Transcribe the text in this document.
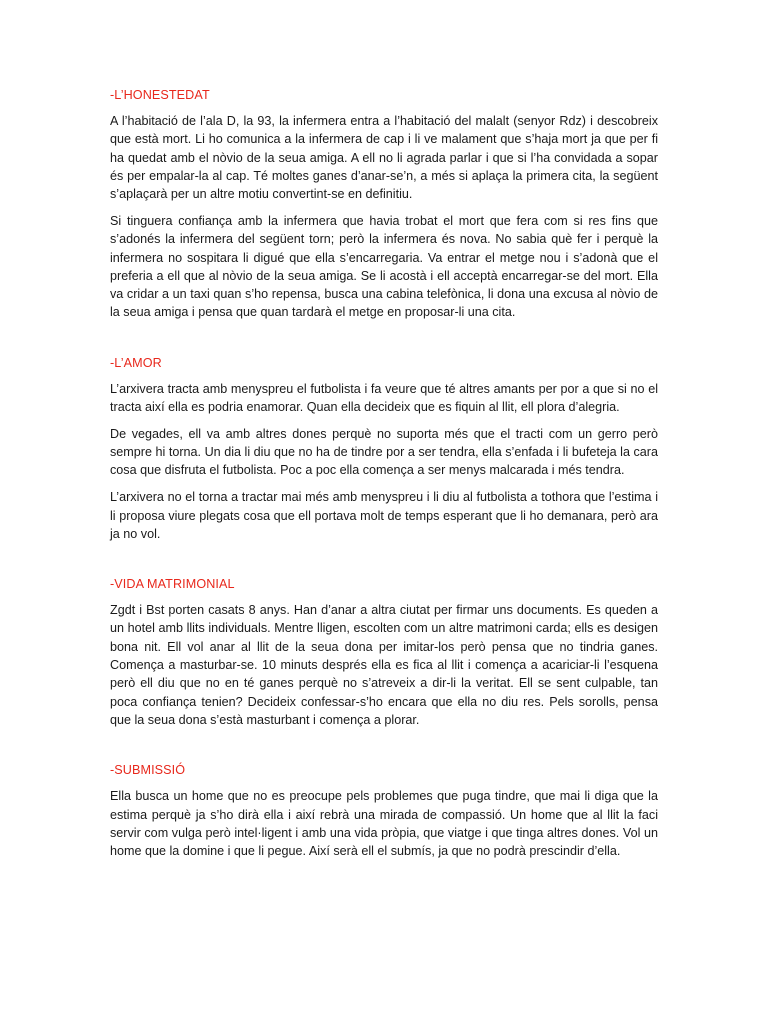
-L’HONESTEDAT

A l’habitació de l’ala D, la 93, la infermera entra a l’habitació del malalt (senyor Rdz) i descobreix que està mort. Li ho comunica a la infermera de cap i li ve malament que s’haja mort ja que per fi ha quedat amb el nòvio de la seua amiga. A ell no li agrada parlar i que si l’ha convidada a sopar és per empalar-la al cap. Té moltes ganes d’anar-se’n, a més si aplaça la primera cita, la següent s’aplaçarà per un altre motiu convertint-se en definitiu.

Si tinguera confiança amb la infermera que havia trobat el mort que fera com si res fins que s’adonés la infermera del següent torn; però la infermera és nova. No sabia què fer i perquè la infermera no sospitara li digué que ella s’encarregaria. Va entrar el metge nou i s’adonà que el preferia a ell que al nòvio de la seua amiga. Se li acostà i ell acceptà encarregar-se del mort. Ella va cridar a un taxi quan s’ho repensa, busca una cabina telefònica, li dona una excusa al nòvio de la seua amiga i pensa que quan tardarà el metge en proposar-li una cita.

-L’AMOR

L’arxivera tracta amb menyspreu el futbolista i fa veure que té altres amants per por a que si no el tracta així ella es podria enamorar. Quan ella decideix que es fiquin al llit, ell plora d’alegria.

De vegades, ell va amb altres dones perquè no suporta més que el tracti com un gerro però sempre hi torna. Un dia li diu que no ha de tindre por a ser tendra, ella s’enfada i li bufeteja la cara cosa que disfruta el futbolista. Poc a poc ella comença a ser menys malcarada i més tendra.

L’arxivera no el torna a tractar mai més amb menyspreu i li diu al futbolista a tothora que l’estima i li proposa viure plegats cosa que ell portava molt de temps esperant que li ho demanara, però ara ja no vol.

-VIDA MATRIMONIAL

Zgdt i Bst porten casats 8 anys. Han d’anar a altra ciutat per firmar uns documents. Es queden a un hotel amb llits individuals. Mentre lligen, escolten com un altre matrimoni carda; ells es desigen bona nit. Ell vol anar al llit de la seua dona per imitar-los però pensa que no tindria ganes. Comença a masturbar-se. 10 minuts després ella es fica al llit i comença a acariciar-li l’esquena però ell diu que no en té ganes perquè no s’atreveix a dir-li la veritat. Ell se sent culpable, tan poca confiança tenien? Decideix confessar-s’ho encara que ella no diu res. Pels sorolls, pensa que la seua dona s’està masturbant i comença a plorar.

-SUBMISSIÓ

Ella busca un home que no es preocupe pels problemes que puga tindre, que mai li diga que la estima perquè ja s’ho dirà ella i així rebrà una mirada de compassió. Un home que al llit la faci servir com vulga però intel·ligent i amb una vida pròpia, que viatge i que tinga altres dones. Vol un home que la domine i que li pegue. Així serà ell el submís, ja que no podrà prescindir d’ella.
